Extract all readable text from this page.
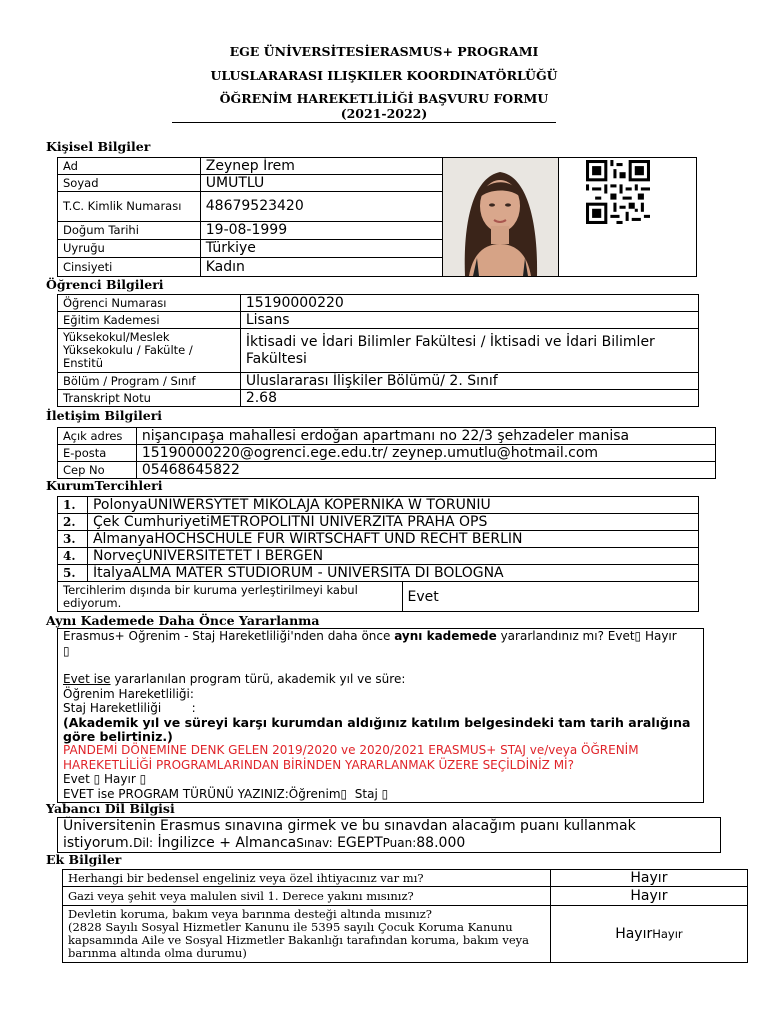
EGE ÜNİVERSİTESİERASMUS+ PROGRAMI
ULUSLARARASI ILIŞKILER KOORDINATÖRLÜĞÜ
ÖĞRENİM HAREKETLİLİĞİ BAŞVURU FORMU
(2021-2022)
Kişisel Bilgiler
Ad	Zeynep İrem	

Soyad	UMUTLU		
T.C. Kimlik Numarası	48679523420		
Doğum Tarihi	19-08-1999		
Uyruğu	Türkiye		
Cinsiyeti	Kadın		
Öğrenci Bilgileri
Öğrenci Numarası	15190000220
Eğitim Kademesi	Lisans
Yüksekokul/Meslek Yüksekokulu / Fakülte / Enstitü	İktisadi ve İdari Bilimler Fakültesi / İktisadi ve İdari Bilimler Fakültesi
Bölüm / Program / Sınıf	Uluslararası İlişkiler Bölümü/ 2. Sınıf
Transkript Notu	2.68
İletişim Bilgileri
Açık adres	nişancıpaşa mahallesi erdoğan apartmanı no 22/3 şehzadeler manisa
E-posta	15190000220@ogrenci.ege.edu.tr/ zeynep.umutlu@hotmail.com
Cep No	05468645822
KurumTercihleri
1.	PolonyaUNIWERSYTET MIKOLAJA KOPERNIKA W TORUNIU	
2.	Çek CumhuriyetiMETROPOLITNI UNIVERZITA PRAHA OPS	
3.	AlmanyaHOCHSCHULE FÜR WIRTSCHAFT UND RECHT BERLIN	
4.	NorveçUNIVERSITETET I BERGEN	
5.	İtalyaALMA MATER STUDIORUM - UNIVERSITA DI BOLOGNA	
Tercihlerim dışında bir kuruma yerleştirilmeyi kabul ediyorum.		Evet
Aynı Kademede Daha Önce Yararlanma
Erasmus+ Oğrenim - Staj Hareketliliği'nden daha önce aynı kademede yararlandınız mı? Evet▯ Hayır
▯
Evet ise yararlanılan program türü, akademik yıl ve süre:
Öğrenim Hareketliliği:
Staj Hareketliliği        :
(Akademik yıl ve süreyi karşı kurumdan aldığınız katılım belgesindeki tam tarih aralığına
göre belirtiniz.)
PANDEMİ DÖNEMİNE DENK GELEN 2019/2020 ve 2020/2021 ERASMUS+ STAJ ve/veya ÖĞRENİM
HAREKETLİLİĞİ PROGRAMLARINDAN BİRİNDEN YARARLANMAK ÜZERE SEÇİLDİNİZ Mİ?
Evet ▯ Hayır ▯
EVET ise PROGRAM TÜRÜNÜ YAZINIZ:Öğrenim▯  Staj ▯
Yabancı Dil Bilgisi
Üniversitenin Erasmus sınavına girmek ve bu sınavdan alacağım puanı kullanmak
istiyorum.Dil: İngilizce + AlmancaSınav: EGEPTPuan:88.000
Ek Bilgiler
Herhangi bir bedensel engeliniz veya özel ihtiyacınız var mı?	Hayır
Gazi veya şehit veya malulen sivil 1. Derece yakını mısınız?	Hayır

Devletin koruma, bakım veya barınma desteği altında mısınız?
(2828 Sayılı Sosyal Hizmetler Kanunu ile 5395 sayılı Çocuk Koruma Kanunu
kapsamında Aile ve Sosyal Hizmetler Bakanlığı tarafından koruma, bakım veya
barınma altında olma durumu)	HayırHayır
